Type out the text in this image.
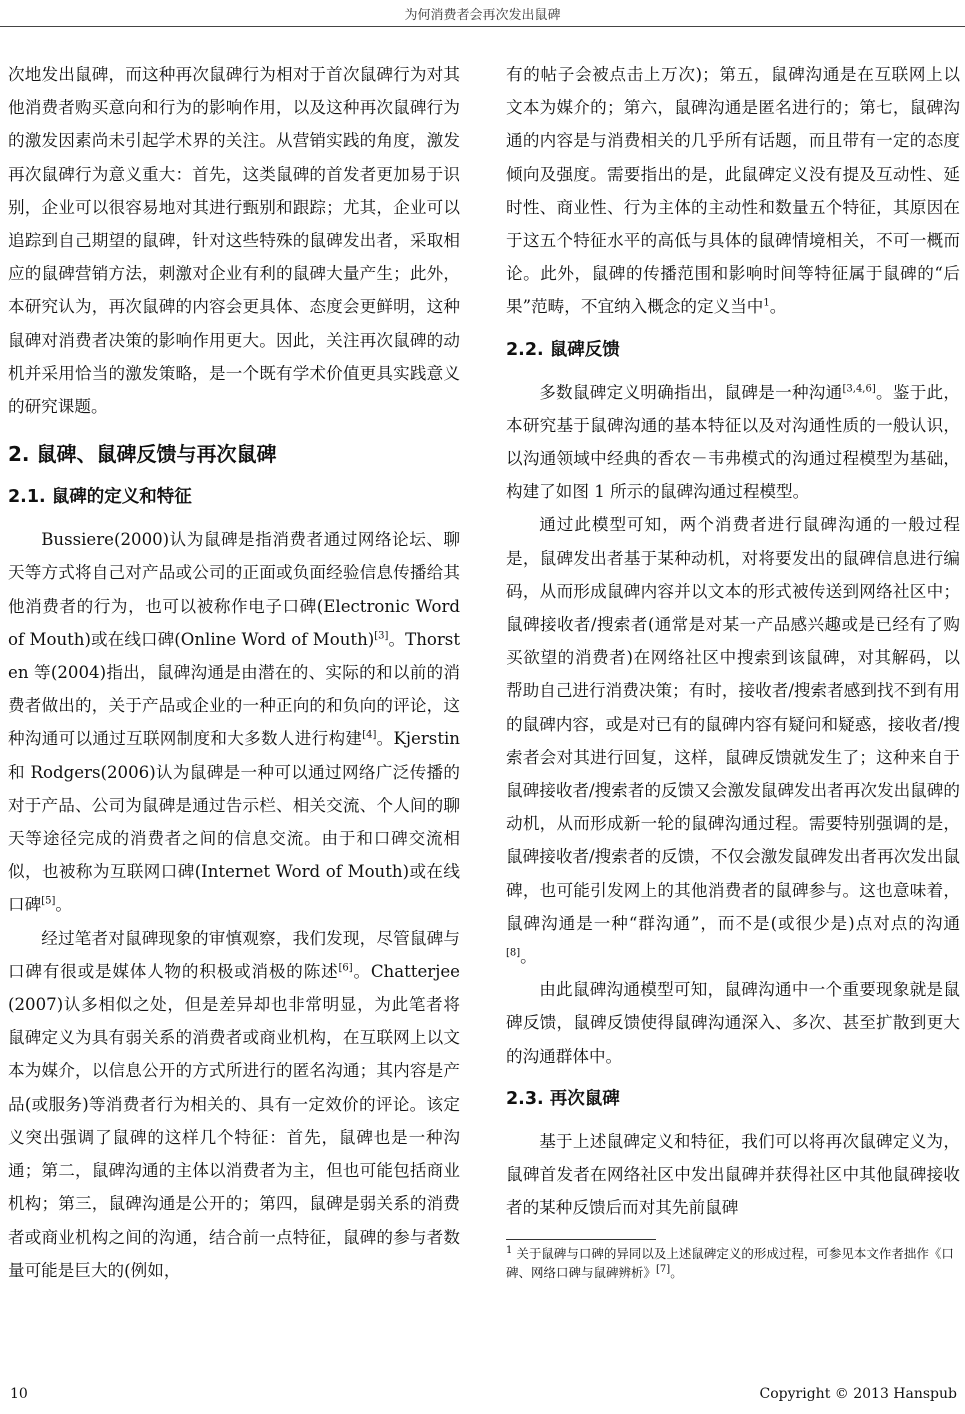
为何消费者会再次发出鼠碑

次地发出鼠碑，而这种再次鼠碑行为相对于首次鼠碑行为对其他消费者购买意向和行为的影响作用，以及这种再次鼠碑行为的激发因素尚未引起学术界的关注。从营销实践的角度，激发再次鼠碑行为意义重大：首先，这类鼠碑的首发者更加易于识别，企业可以很容易地对其进行甄别和跟踪；尤其，企业可以追踪到自己期望的鼠碑，针对这些特殊的鼠碑发出者，采取相应的鼠碑营销方法，刺激对企业有利的鼠碑大量产生；此外，本研究认为，再次鼠碑的内容会更具体、态度会更鲜明，这种鼠碑对消费者决策的影响作用更大。因此，关注再次鼠碑的动机并采用恰当的激发策略，是一个既有学术价值更具实践意义的研究课题。

2. 鼠碑、鼠碑反馈与再次鼠碑
2.1. 鼠碑的定义和特征

Bussiere(2000)认为鼠碑是指消费者通过网络论坛、聊天等方式将自己对产品或公司的正面或负面经验信息传播给其他消费者的行为，也可以被称作电子口碑(Electronic Word of Mouth)或在线口碑(Online Word of Mouth)[3]。Thorsten 等(2004)指出，鼠碑沟通是由潜在的、实际的和以前的消费者做出的，关于产品或企业的一种正向的和负向的评论，这种沟通可以通过互联网制度和大多数人进行构建[4]。Kjerstin 和 Rodgers(2006)认为鼠碑是一种可以通过网络广泛传播的对于产品、公司为鼠碑是通过告示栏、相关交流、个人间的聊天等途径完成的消费者之间的信息交流。由于和口碑交流相似，也被称为互联网口碑(Internet Word of Mouth)或在线口碑[5]。

经过笔者对鼠碑现象的审慎观察，我们发现，尽管鼠碑与口碑有很或是媒体人物的积极或消极的陈述[6]。Chatterjee(2007)认多相似之处，但是差异却也非常明显，为此笔者将鼠碑定义为具有弱关系的消费者或商业机构，在互联网上以文本为媒介，以信息公开的方式所进行的匿名沟通；其内容是产品(或服务)等消费者行为相关的、具有一定效价的评论。该定义突出强调了鼠碑的这样几个特征：首先，鼠碑也是一种沟通；第二，鼠碑沟通的主体以消费者为主，但也可能包括商业机构；第三，鼠碑沟通是公开的；第四，鼠碑是弱关系的消费者或商业机构之间的沟通，结合前一点特征，鼠碑的参与者数量可能是巨大的(例如，

有的帖子会被点击上万次)；第五，鼠碑沟通是在互联网上以文本为媒介的；第六，鼠碑沟通是匿名进行的；第七，鼠碑沟通的内容是与消费相关的几乎所有话题，而且带有一定的态度倾向及强度。需要指出的是，此鼠碑定义没有提及互动性、延时性、商业性、行为主体的主动性和数量五个特征，其原因在于这五个特征水平的高低与具体的鼠碑情境相关，不可一概而论。此外，鼠碑的传播范围和影响时间等特征属于鼠碑的“后果”范畴，不宜纳入概念的定义当中$^1$。

2.2. 鼠碑反馈

多数鼠碑定义明确指出，鼠碑是一种沟通[3,4,6]。鉴于此，本研究基于鼠碑沟通的基本特征以及对沟通性质的一般认识，以沟通领域中经典的香农－韦弗模式的沟通过程模型为基础，构建了如图 1 所示的鼠碑沟通过程模型。

通过此模型可知，两个消费者进行鼠碑沟通的一般过程是，鼠碑发出者基于某种动机，对将要发出的鼠碑信息进行编码，从而形成鼠碑内容并以文本的形式被传送到网络社区中；鼠碑接收者/搜索者(通常是对某一产品感兴趣或是已经有了购买欲望的消费者)在网络社区中搜索到该鼠碑，对其解码，以帮助自己进行消费决策；有时，接收者/搜索者感到找不到有用的鼠碑内容，或是对已有的鼠碑内容有疑问和疑惑，接收者/搜索者会对其进行回复，这样，鼠碑反馈就发生了；这种来自于鼠碑接收者/搜索者的反馈又会激发鼠碑发出者再次发出鼠碑的动机，从而形成新一轮的鼠碑沟通过程。需要特别强调的是，鼠碑接收者/搜索者的反馈，不仅会激发鼠碑发出者再次发出鼠碑，也可能引发网上的其他消费者的鼠碑参与。这也意味着，鼠碑沟通是一种“群沟通”，而不是(或很少是)点对点的沟通[8]。

由此鼠碑沟通模型可知，鼠碑沟通中一个重要现象就是鼠碑反馈，鼠碑反馈使得鼠碑沟通深入、多次、甚至扩散到更大的沟通群体中。

2.3. 再次鼠碑

基于上述鼠碑定义和特征，我们可以将再次鼠碑定义为，鼠碑首发者在网络社区中发出鼠碑并获得社区中其他鼠碑接收者的某种反馈后而对其先前鼠碑

$^1$ 关于鼠碑与口碑的异同以及上述鼠碑定义的形成过程，可参见本文作者拙作《口碑、网络口碑与鼠碑辨析》[7]。
10	Copyright © 2013 Hanspub
